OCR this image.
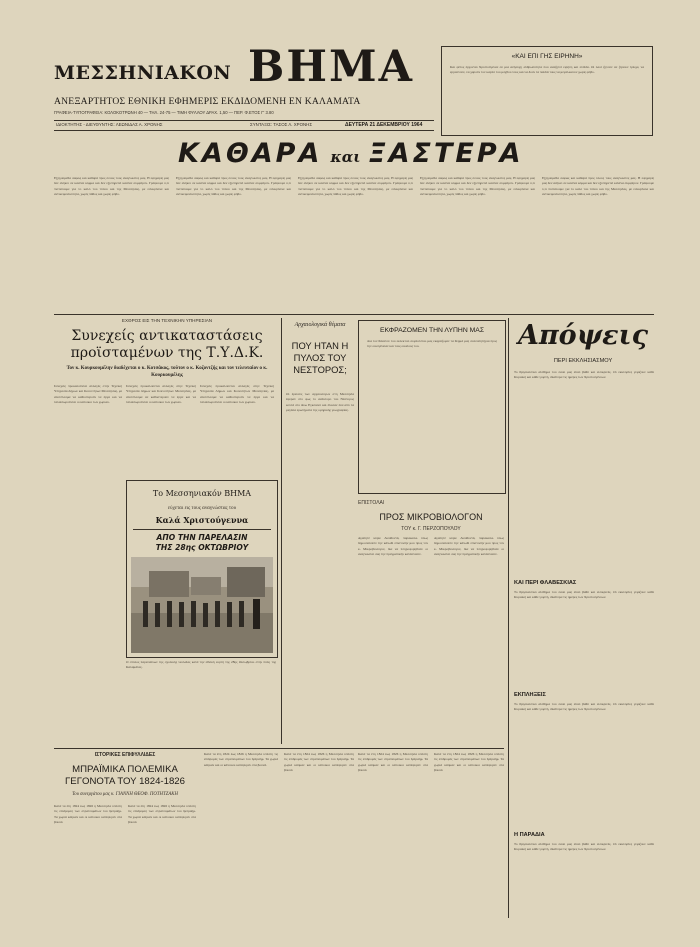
ΜΕΣΣΗΝΙΑΚΟΝ ΒΗΜΑ
ΑΝΕΞΑΡΤΗΤΟΣ ΕΘΝΙΚΗ ΕΦΗΜΕΡΙΣ ΕΚΔΙΔΟΜΕΝΗ ΕΝ ΚΑΛΑΜΑΤΑ
ΓΡΑΦΕΙΑ-ΤΥΠΟΓΡΑΦΕΙΑ: ΚΟΛΟΚΟΤΡΩΝΗ 40 — ΤΗΛ. 24-75 — ΤΙΜΗ ΦΥΛΛΟΥ ΔΡΑΧ. 1,50 — ΠΕΡ. Φ.ΕΤΟΣ Γ' 3.80
ΙΔΙΟΚΤΗΤΗΣ - ΔΙΕΥΘΥΝΤΗΣ: ΛΕΩΝΙΔΑΣ Α. ΧΡΟΝΗΣ	ΣΥΝΤΑΞΙΣ: ΤΑΣΟΣ Λ. ΧΡΟΝΗΣ	ΔΕΥΤΕΡΑ 21 ΔΕΚΕΜΒΡΙΟΥ 1964
«ΚΑΙ ΕΠΙ ΓΗΣ ΕΙΡΗΝΗ»
Και φέτος έρχονται Χριστούγεννα σε μια ανήσυχη ανθρωπότητα που αναζητεί ειρήνη και ελπίδα. Οι λαοί ζητούν να ζήσουν ήσυχα, να εργαστούν, να χαρούν τον καρπό του μόχθου τους και να δουν τα παιδιά τους να μεγαλώνουν χωρίς φόβο.
ΚΑΘΑΡΑ και ΞΑΣΤΕΡΑ
Εξηγούμεθα σαφώς και καθαρά προς όλους τους αναγνώστες μας. Η εφημερίς μας δεν ανήκει σε κανένα κόμμα και δεν εξυπηρετεί κανένα συμφέρον. Γράφουμε ό,τι πιστεύουμε για το καλό του τόπου και της Μεσσηνίας, με ειλικρίνεια και αντικειμενικότητα, χωρίς πάθος και χωρίς φόβο.
Εξηγούμεθα σαφώς και καθαρά προς όλους τους αναγνώστες μας. Η εφημερίς μας δεν ανήκει σε κανένα κόμμα και δεν εξυπηρετεί κανένα συμφέρον. Γράφουμε ό,τι πιστεύουμε για το καλό του τόπου και της Μεσσηνίας, με ειλικρίνεια και αντικειμενικότητα, χωρίς πάθος και χωρίς φόβο.
Εξηγούμεθα σαφώς και καθαρά προς όλους τους αναγνώστες μας. Η εφημερίς μας δεν ανήκει σε κανένα κόμμα και δεν εξυπηρετεί κανένα συμφέρον. Γράφουμε ό,τι πιστεύουμε για το καλό του τόπου και της Μεσσηνίας, με ειλικρίνεια και αντικειμενικότητα, χωρίς πάθος και χωρίς φόβο.
Εξηγούμεθα σαφώς και καθαρά προς όλους τους αναγνώστες μας. Η εφημερίς μας δεν ανήκει σε κανένα κόμμα και δεν εξυπηρετεί κανένα συμφέρον. Γράφουμε ό,τι πιστεύουμε για το καλό του τόπου και της Μεσσηνίας, με ειλικρίνεια και αντικειμενικότητα, χωρίς πάθος και χωρίς φόβο.
Εξηγούμεθα σαφώς και καθαρά προς όλους τους αναγνώστες μας. Η εφημερίς μας δεν ανήκει σε κανένα κόμμα και δεν εξυπηρετεί κανένα συμφέρον. Γράφουμε ό,τι πιστεύουμε για το καλό του τόπου και της Μεσσηνίας, με ειλικρίνεια και αντικειμενικότητα, χωρίς πάθος και χωρίς φόβο.
ΕΧΘΡΟΣ ΕΙΣ ΤΗΝ ΤΕΧΝΙΚΗΝ ΥΠΗΡΕΣΙΑΝ
Συνεχείς αντικαταστάσεις προϊσταμένων της Τ.Υ.Δ.Κ.
Τον κ. Κουρκουμέλην διαδέχεται ο κ. Κοτσάκος, τούτον ο κ. Κοζοντζής και τον τελευταίον ο κ. Κουρκουμέλης
Συνεχείς προκαλούνται αλλαγές στην Τεχνική Υπηρεσία Δήμων και Κοινοτήτων Μεσσηνίας, με αποτέλεσμα να καθυστερούν τα έργα και να ταλαιπωρούνται οι κάτοικοι των χωριών.
Συνεχείς προκαλούνται αλλαγές στην Τεχνική Υπηρεσία Δήμων και Κοινοτήτων Μεσσηνίας, με αποτέλεσμα να καθυστερούν τα έργα και να ταλαιπωρούνται οι κάτοικοι των χωριών.
Συνεχείς προκαλούνται αλλαγές στην Τεχνική Υπηρεσία Δήμων και Κοινοτήτων Μεσσηνίας, με αποτέλεσμα να καθυστερούν τα έργα και να ταλαιπωρούνται οι κάτοικοι των χωριών.
Το Μεσσηνιακόν ΒΗΜΑ
εύχεται εις τους αναγνώστας του
Καλά Χριστούγεννα
ΑΠΟ ΤΗΝ ΠΑΡΕΛΑΣΙΝ
ΤΗΣ 28ης ΟΚΤΩΒΡΙΟΥ
Ο στόλος παρελαύνων της σχολικής νεολαίας κατά την εθνική εορτή της 28ης Οκτωβρίου στην πόλη της Καλαμάτας.
Αρχαιολογικά θέματα
ΠΟΥ ΗΤΑΝ Η ΠΥΛΟΣ ΤΟΥ ΝΕΣΤΟΡΟΣ;
Οι έρευνες των αρχαιολόγων στη Μεσσηνία έφεραν στο φως το ανάκτορο του Νέστορος κοντά στο Άνω Εγκλιανό και έλυσαν ένα από τα μεγάλα ερωτήματα της ομηρικής γεωγραφίας.
ΕΚΦΡΑΖΟΜΕΝ ΤΗΝ ΛΥΠΗΝ ΜΑΣ
Δια τον θάνατον του εκλεκτού συμπολίτου μας εκφράζομεν τα θερμά μας συλλυπητήρια προς την οικογένειαν και τους οικείους του.
ΕΠΙΣΤΟΛΑΙ
ΠΡΟΣ ΜΙΚΡΟΒΙΟΛΟΓΟΝ
ΤΟΥ κ. Γ. ΠΕΡΖΟΠΟΥΛΟΥ
Αγαπητέ κύριε Διευθυντά, παρακαλώ όπως δημοσιεύσετε την κάτωθι επιστολήν μου προς τον κ. Μικροβιολόγον, δια να πληροφορηθούν οι αναγνώσται σας την πραγματικήν κατάστασιν.
Αγαπητέ κύριε Διευθυντά, παρακαλώ όπως δημοσιεύσετε την κάτωθι επιστολήν μου προς τον κ. Μικροβιολόγον, δια να πληροφορηθούν οι αναγνώσται σας την πραγματικήν κατάστασιν.
Απόψεις
ΠΕΡΙ ΕΚΚΛΗΣΙΑΣΜΟΥ
Το θρησκευτικό αίσθημα του λαού μας είναι βαθύ και ειλικρινές. Οι εκκλησίες γεμίζουν κάθε Κυριακή και κάθε γιορτή, ιδιαίτερα τις ημέρες των Χριστουγέννων.
ΚΑΙ ΠΕΡΙ ΦΛΑΒΕΣΚΙΑΣ
Το θρησκευτικό αίσθημα του λαού μας είναι βαθύ και ειλικρινές. Οι εκκλησίες γεμίζουν κάθε Κυριακή και κάθε γιορτή, ιδιαίτερα τις ημέρες των Χριστουγέννων.
ΕΚΠΛΗΞΕΙΣ
Το θρησκευτικό αίσθημα του λαού μας είναι βαθύ και ειλικρινές. Οι εκκλησίες γεμίζουν κάθε Κυριακή και κάθε γιορτή, ιδιαίτερα τις ημέρες των Χριστουγέννων.
Η ΠΑΡΑΔΙΑ
Το θρησκευτικό αίσθημα του λαού μας είναι βαθύ και ειλικρινές. Οι εκκλησίες γεμίζουν κάθε Κυριακή και κάθε γιορτή, ιδιαίτερα τις ημέρες των Χριστουγέννων.
ΙΣΤΟΡΙΚΕΣ ΕΠΙΦΥΛΛΙΔΕΣ
ΜΠΡΑΪΜΙΚΑ ΠΟΛΕΜΙΚΑ ΓΕΓΟΝΟΤΑ ΤΟΥ 1824-1826
Του συνεργάτου μας κ. ΓΙΑΝΝΗ ΘΕΟΦ. ΠΟΤΗΤΖΑΚΗ
Κατά τα έτη 1824 έως 1826 η Μεσσηνία υπέστη τις επιδρομές των στρατευμάτων του Ιμπραήμ. Τα χωριά κάηκαν και οι κάτοικοι κατέφυγαν στα βουνά.
Κατά τα έτη 1824 έως 1826 η Μεσσηνία υπέστη τις επιδρομές των στρατευμάτων του Ιμπραήμ. Τα χωριά κάηκαν και οι κάτοικοι κατέφυγαν στα βουνά.
Κατά τα έτη 1824 έως 1826 η Μεσσηνία υπέστη τις επιδρομές των στρατευμάτων του Ιμπραήμ. Τα χωριά κάηκαν και οι κάτοικοι κατέφυγαν στα βουνά.
Κατά τα έτη 1824 έως 1826 η Μεσσηνία υπέστη τις επιδρομές των στρατευμάτων του Ιμπραήμ. Τα χωριά κάηκαν και οι κάτοικοι κατέφυγαν στα βουνά.
Κατά τα έτη 1824 έως 1826 η Μεσσηνία υπέστη τις επιδρομές των στρατευμάτων του Ιμπραήμ. Τα χωριά κάηκαν και οι κάτοικοι κατέφυγαν στα βουνά.
Κατά τα έτη 1824 έως 1826 η Μεσσηνία υπέστη τις επιδρομές των στρατευμάτων του Ιμπραήμ. Τα χωριά κάηκαν και οι κάτοικοι κατέφυγαν στα βουνά.
